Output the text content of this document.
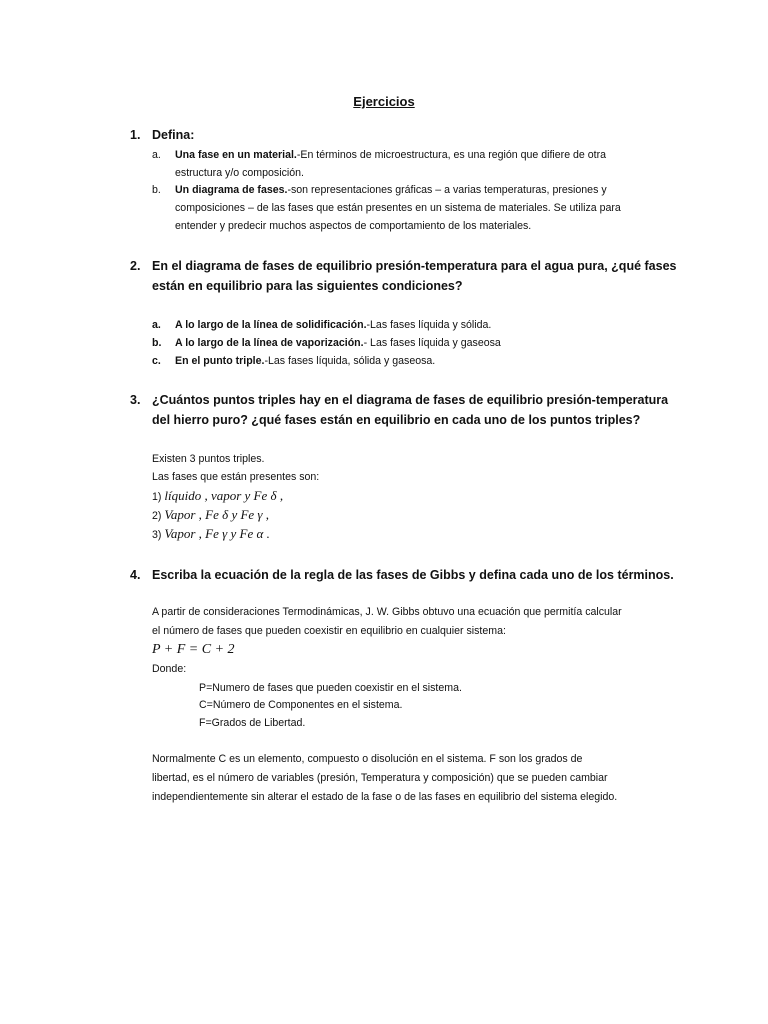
Ejercicios
1. Defina:
a. Una fase en un material.-En términos de microestructura, es una región que difiere de otra
estructura y/o composición.
b. Un diagrama de fases.-son representaciones gráficas – a varias temperaturas, presiones y
composiciones – de las fases que están presentes en un sistema de materiales. Se utiliza para
entender y predecir muchos aspectos de comportamiento de los materiales.
2. En el diagrama de fases de equilibrio presión-temperatura para el agua pura, ¿qué fases
están en equilibrio para las siguientes condiciones?
a. A lo largo de la línea de solidificación.-Las fases líquida y sólida.
b. A lo largo de la línea de vaporización.- Las fases líquida y gaseosa
c. En el punto triple.-Las fases líquida, sólida y gaseosa.
3. ¿Cuántos puntos triples hay en el diagrama de fases de equilibrio presión-temperatura
del hierro puro? ¿qué fases están en equilibrio en cada uno de los puntos triples?
Existen 3 puntos triples.
Las fases que están presentes son:
1) líquido , vapor y Fe δ ,
2) Vapor , Fe δ y Fe γ ,
3) Vapor , Fe γ y Fe α .
4. Escriba la ecuación de la regla de las fases de Gibbs y defina cada uno de los términos.
A partir de consideraciones Termodinámicas, J. W. Gibbs obtuvo una ecuación que permitía calcular
el número de fases que pueden coexistir en equilibrio en cualquier sistema:
P + F = C + 2
Donde:
P=Numero de fases que pueden coexistir en el sistema.
C=Número de Componentes en el sistema.
F=Grados de Libertad.
Normalmente C es un elemento, compuesto o disolución en el sistema. F son los grados de
libertad, es el número de variables (presión, Temperatura y composición) que se pueden cambiar
independientemente sin alterar el estado de la fase o de las fases en equilibrio del sistema elegido.
